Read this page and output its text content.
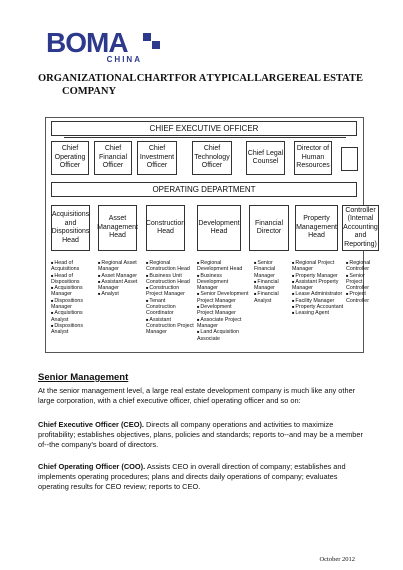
BOMA
CHINA
ORGANIZATIONAL CHART FOR A TYPICAL LARGE REAL ESTATE
COMPANY
CHIEF EXECUTIVE OFFICER
Chief Operating Officer
Chief Financial Officer
Chief Investment Officer
Chief Technology Officer
Chief Legal Counsel
Director of Human Resources
OPERATING DEPARTMENT
Acquisitions and Dispositions Head
Asset Management Head
Construction Head
Development Head
Financial Director
Property Management Head
Controller (Internal Accounting and Reporting)
■ Head of Acquisitions
■ Head of Dispositions
■ Acquisitions Manager
■ Dispositions Manager
■ Acquisitions Analyst
■ Dispositions Analyst
■ Regional Asset Manager
■ Asset Manager
■ Assistant Asset Manager
■ Analyst
■ Regional Construction Head
■ Business Unit Construction Head
■ Construction Project Manager
■ Tenant Construction Coordinator
■ Assistant Construction Project Manager
■ Regional Development Head
■ Business Development Manager
■ Senior Development Project Manager
■ Development Project Manager
■ Associate Project Manager
■ Land Acquisition Associate
■ Senior Financial Manager
■ Financial Manager
■ Financial Analyst
■ Regional Project Manager
■ Property Manager
■ Assistant Property Manager
■ Lease Administrator
■ Facility Manager
■ Property Accountant
■ Leasing Agent
■ Regional Controller
■ Senior Project Controller
■ Project Controller
Senior Management
At the senior management level, a large real estate development company is much like any other large corporation, with a chief executive officer, chief operating officer and so on:
Chief Executive Officer (CEO). Directs all company operations and activities to maximize profitability; establishes objectives, plans, policies and standards; reports to--and may be a member of--the company’s board of directors.
Chief Operating Officer (COO). Assists CEO in overall direction of company; establishes and implements operating procedures; plans and directs daily operations of company; evaluates operating results for CEO review; reports to CEO.
October 2012
